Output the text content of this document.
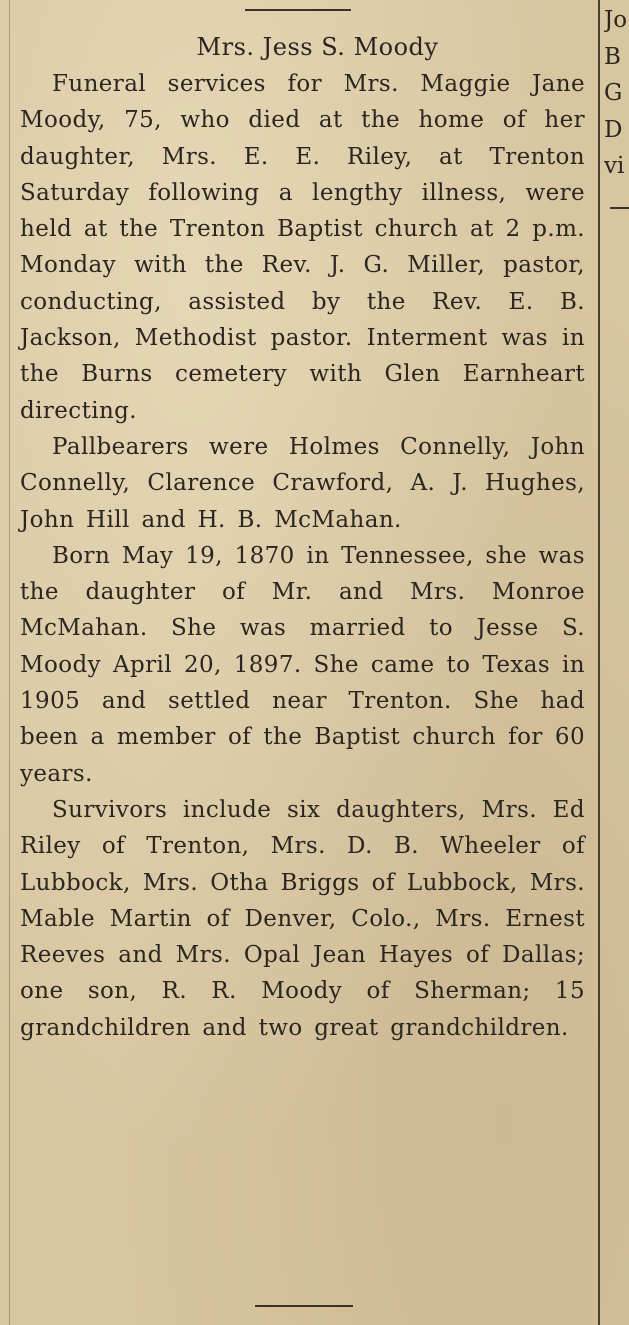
Mrs. Jess S. Moody

Funeral services for Mrs. Maggie Jane Moody, 75, who died at the home of her daughter, Mrs. E. E. Riley, at Trenton Saturday following a lengthy illness, were held at the Trenton Baptist church at 2 p.m. Monday with the Rev. J. G. Miller, pastor, conducting, assisted by the Rev. E. B. Jackson, Methodist pastor. Interment was in the Burns cemetery with Glen Earnheart directing.

Pallbearers were Holmes Connelly, John Connelly, Clarence Crawford, A. J. Hughes, John Hill and H. B. McMahan.

Born May 19, 1870 in Tennessee, she was the daughter of Mr. and Mrs. Monroe McMahan. She was married to Jesse S. Moody April 20, 1897. She came to Texas in 1905 and settled near Trenton. She had been a member of the Baptist church for 60 years.

Survivors include six daughters, Mrs. Ed Riley of Trenton, Mrs. D. B. Wheeler of Lubbock, Mrs. Otha Briggs of Lubbock, Mrs. Mable Martin of Denver, Colo., Mrs. Ernest Reeves and Mrs. Opal Jean Hayes of Dallas; one son, R. R. Moody of Sherman; 15 grandchildren and two great grandchildren.

Jo
B
G
D
vi
